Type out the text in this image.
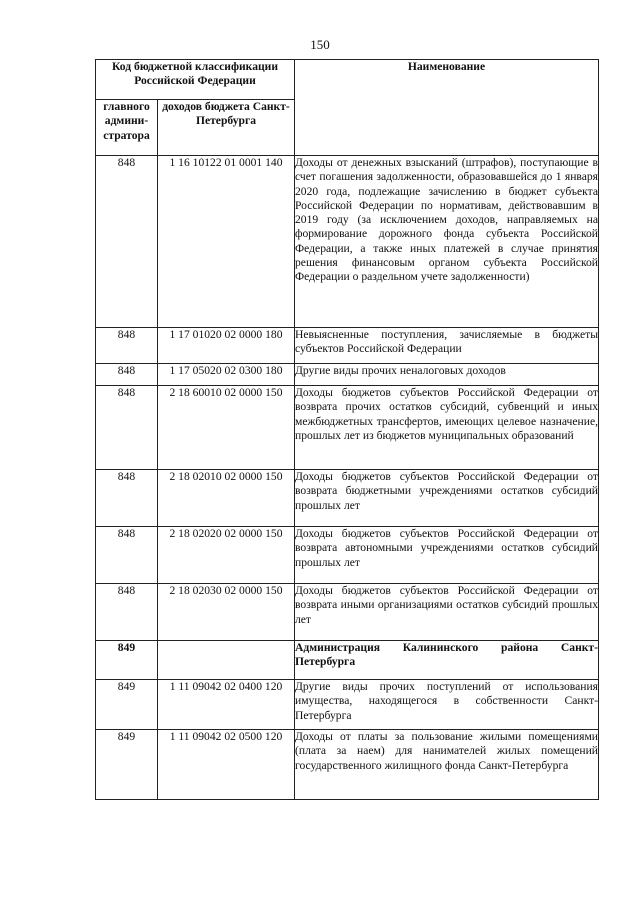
150
Код бюджетной классификации Российской Федерации		Наименование
главного админи-стратора	доходов бюджета Санкт-Петербурга	
848	1 16 10122 01 0001 140	Доходы от денежных взысканий (штрафов), поступающие в счет погашения задолженности, образовавшейся до 1 января 2020 года, подлежащие зачислению в бюджет субъекта Российской Федерации по нормативам, действовавшим в 2019 году (за исключением доходов, направляемых на формирование дорожного фонда субъекта Российской Федерации, а также иных платежей в случае принятия решения финансовым органом субъекта Российской Федерации о раздельном учете задолженности)
848	1 17 01020 02 0000 180	Невыясненные поступления, зачисляемые в бюджеты субъектов Российской Федерации
848	1 17 05020 02 0300 180	Другие виды прочих неналоговых доходов
848	2 18 60010 02 0000 150	Доходы бюджетов субъектов Российской Федерации от возврата прочих остатков субсидий, субвенций и иных межбюджетных трансфертов, имеющих целевое назначение, прошлых лет из бюджетов муниципальных образований
848	2 18 02010 02 0000 150	Доходы бюджетов субъектов Российской Федерации от возврата бюджетными учреждениями остатков субсидий прошлых лет
848	2 18 02020 02 0000 150	Доходы бюджетов субъектов Российской Федерации от возврата автономными учреждениями остатков субсидий прошлых лет
848	2 18 02030 02 0000 150	Доходы бюджетов субъектов Российской Федерации от возврата иными организациями остатков субсидий прошлых лет
849		Администрация Калининского района Санкт-Петербурга
849	1 11 09042 02 0400 120	Другие виды прочих поступлений от использования имущества, находящегося в собственности Санкт-Петербурга
849	1 11 09042 02 0500 120	Доходы от платы за пользование жилыми помещениями (плата за наем) для нанимателей жилых помещений государственного жилищного фонда Санкт-Петербурга
